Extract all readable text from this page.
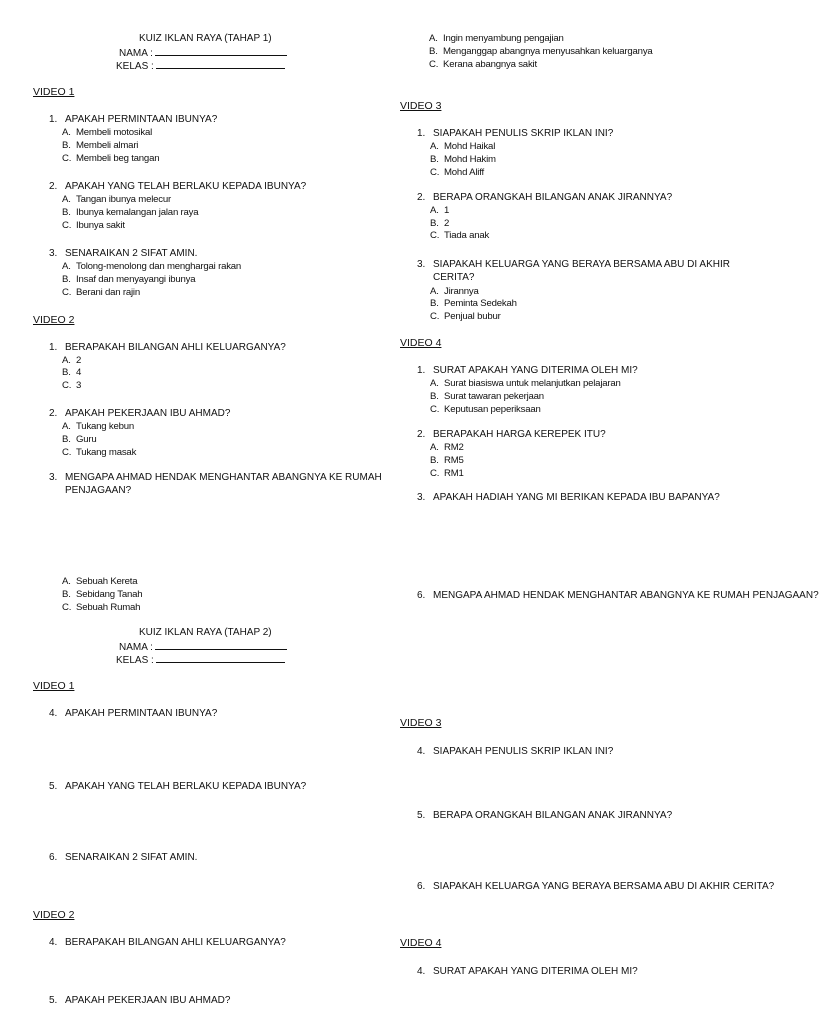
KUIZ IKLAN RAYA (TAHAP 1)
NAMA :
KELAS :
VIDEO 1
1. APAKAH PERMINTAAN IBUNYA?
A. Membeli motosikal
B. Membeli almari
C. Membeli beg tangan
2. APAKAH YANG TELAH BERLAKU KEPADA IBUNYA?
A. Tangan ibunya melecur
B. Ibunya kemalangan jalan raya
C. Ibunya sakit
3. SENARAIKAN 2 SIFAT AMIN.
A. Tolong-menolong dan menghargai rakan
B. Insaf dan menyayangi ibunya
C. Berani dan rajin
VIDEO 2
1. BERAPAKAH BILANGAN AHLI KELUARGANYA?
A. 2
B. 4
C. 3
2. APAKAH PEKERJAAN IBU AHMAD?
A. Tukang kebun
B. Guru
C. Tukang masak
3. MENGAPA AHMAD HENDAK MENGHANTAR ABANGNYA KE RUMAH
PENJAGAAN?
A. Sebuah Kereta
B. Sebidang Tanah
C. Sebuah Rumah
A. Ingin menyambung pengajian
B. Menganggap abangnya menyusahkan keluarganya
C. Kerana abangnya sakit
VIDEO 3
1. SIAPAKAH PENULIS SKRIP IKLAN INI?
A. Mohd Haikal
B. Mohd Hakim
C. Mohd Aliff
2. BERAPA ORANGKAH BILANGAN ANAK JIRANNYA?
A. 1
B. 2
C. Tiada anak
3. SIAPAKAH KELUARGA YANG BERAYA BERSAMA ABU DI AKHIR
CERITA?
A. Jirannya
B. Peminta Sedekah
C. Penjual bubur
VIDEO 4
1. SURAT APAKAH YANG DITERIMA OLEH MI?
A. Surat biasiswa untuk melanjutkan pelajaran
B. Surat tawaran pekerjaan
C. Keputusan peperiksaan
2. BERAPAKAH HARGA KEREPEK ITU?
A. RM2
B. RM5
C. RM1
3. APAKAH HADIAH YANG MI BERIKAN KEPADA IBU BAPANYA?
6. MENGAPA AHMAD HENDAK MENGHANTAR ABANGNYA KE RUMAH PENJAGAAN?
KUIZ IKLAN RAYA (TAHAP 2)
NAMA :
KELAS :
VIDEO 1
4. APAKAH PERMINTAAN IBUNYA?
5. APAKAH YANG TELAH BERLAKU KEPADA IBUNYA?
6. SENARAIKAN 2 SIFAT AMIN.
VIDEO 2
4. BERAPAKAH BILANGAN AHLI KELUARGANYA?
5. APAKAH PEKERJAAN IBU AHMAD?
VIDEO 3
4. SIAPAKAH PENULIS SKRIP IKLAN INI?
5. BERAPA ORANGKAH BILANGAN ANAK JIRANNYA?
6. SIAPAKAH KELUARGA YANG BERAYA BERSAMA ABU DI AKHIR CERITA?
VIDEO 4
4. SURAT APAKAH YANG DITERIMA OLEH MI?
